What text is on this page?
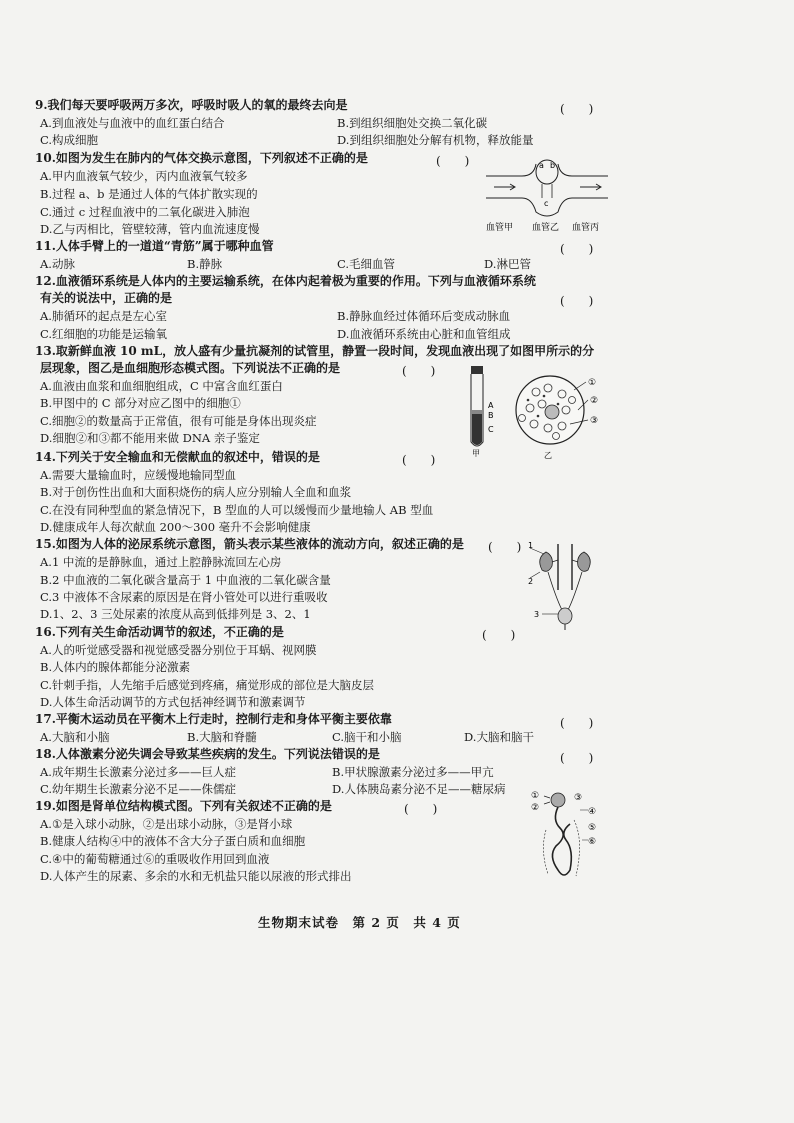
9.我们每天要呼吸两万多次，呼吸时吸人的氧的最终去向是	(　　)
A.到血液处与血液中的血红蛋白结合	B.到组织细胞处交换二氧化碳
C.构成细胞	D.到组织细胞处分解有机物，释放能量
10.如图为发生在肺内的气体交换示意图，下列叙述不正确的是	(　　)
A.甲内血液氧气较少，丙内血液氧气较多
B.过程 a、b 是通过人体的气体扩散实现的
C.通过 c 过程血液中的二氧化碳进入肺泡
D.乙与丙相比，管壁较薄，管内血流速度慢
a b
c
血管甲 血管乙 血管丙
11.人体手臂上的一道道“青筋”属于哪种血管	(　　)
A.动脉	B.静脉	C.毛细血管	D.淋巴管
12.血液循环系统是人体内的主要运输系统，在体内起着极为重要的作用。下列与血液循环系统
有关的说法中，正确的是	(　　)
A.肺循环的起点是左心室	B.静脉血经过体循环后变成动脉血
C.红细胞的功能是运输氧	D.血液循环系统由心脏和血管组成
13.取新鲜血液 10 mL，放人盛有少量抗凝剂的试管里，静置一段时间，发现血液出现了如图甲所示的分
层现象，图乙是血细胞形态模式图。下列说法不正确的是	(　　)
A.血液由血浆和血细胞组成，C 中富含血红蛋白
B.甲图中的 C 部分对应乙图中的细胞①
C.细胞②的数量高于正常值，很有可能是身体出现炎症
D.细胞②和③都不能用来做 DNA 亲子鉴定
A
B
C
甲
①
②
③
乙
14.下列关于安全输血和无偿献血的叙述中，错误的是	(　　)
A.需要大量输血时，应缓慢地输同型血
B.对于创伤性出血和大面积烧伤的病人应分别输人全血和血浆
C.在没有同种型血的紧急情况下，B 型血的人可以缓慢而少量地输人 AB 型血
D.健康成年人每次献血 200～300 毫升不会影响健康
15.如图为人体的泌尿系统示意图，箭头表示某些液体的流动方向，叙述正确的是 (　　)
A.1 中流的是静脉血，通过上腔静脉流回左心房
B.2 中血液的二氧化碳含量高于 1 中血液的二氧化碳含量
C.3 中液体不含尿素的原因是在肾小管处可以进行重吸收
D.1、2、3 三处尿素的浓度从高到低排列是 3、2、1
1
2
3
16.下列有关生命活动调节的叙述，不正确的是	(　　)
A.人的听觉感受器和视觉感受器分别位于耳蜗、视网膜
B.人体内的腺体都能分泌激素
C.针刺手指，人先缩手后感觉到疼痛，痛觉形成的部位是大脑皮层
D.人体生命活动调节的方式包括神经调节和激素调节
17.平衡木运动员在平衡木上行走时，控制行走和身体平衡主要依靠	(　　)
A.大脑和小脑	B.大脑和脊髓	C.脑干和小脑	D.大脑和脑干
18.人体激素分泌失调会导致某些疾病的发生。下列说法错误的是	(　　)
A.成年期生长激素分泌过多——巨人症	B.甲状腺激素分泌过多——甲亢
C.幼年期生长激素分泌不足——侏儒症	D.人体胰岛素分泌不足——糖尿病
19.如图是肾单位结构模式图。下列有关叙述不正确的是	(　　)
A.①是入球小动脉，②是出球小动脉，③是肾小球
B.健康人结构④中的液体不含大分子蛋白质和血细胞
C.④中的葡萄糖通过⑥的重吸收作用回到血液
D.人体产生的尿素、多余的水和无机盐只能以尿液的形式排出
①
②
③
④
⑤
⑥
生物期末试卷　第 2 页　共 4 页
